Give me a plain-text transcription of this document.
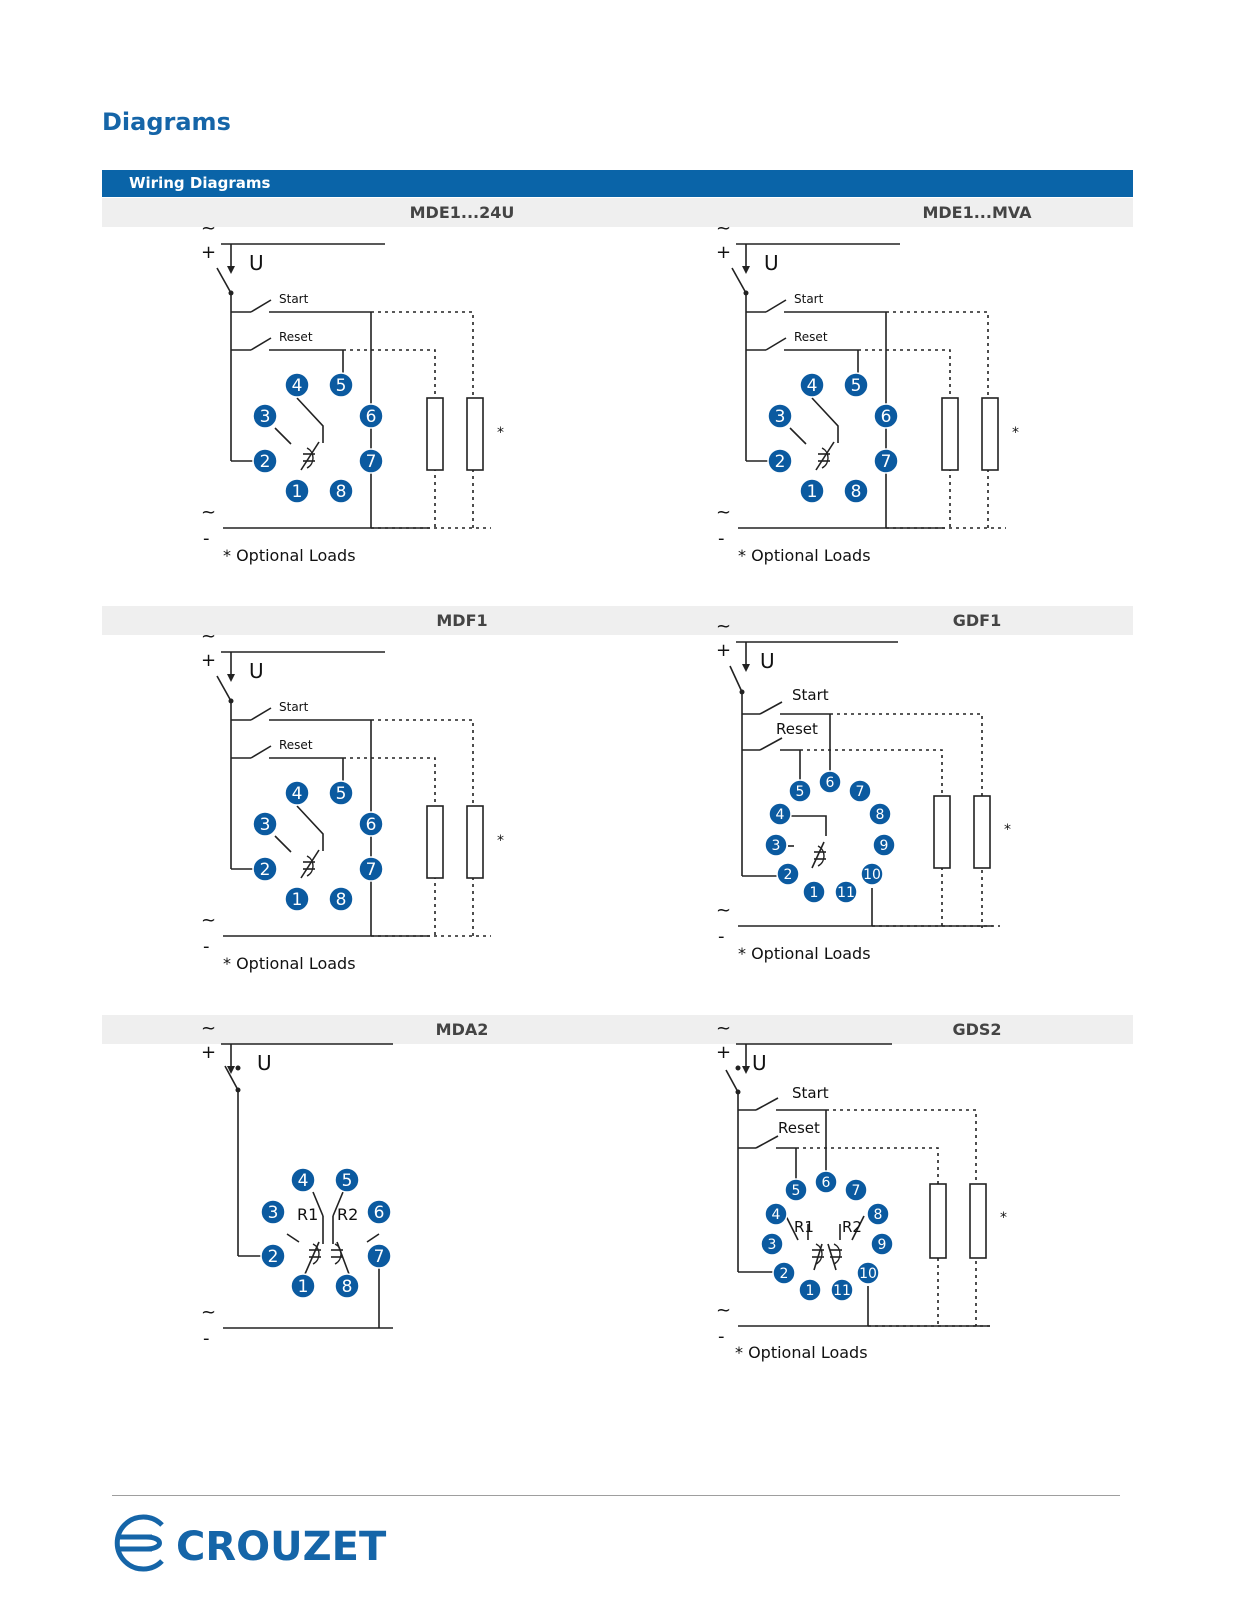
Diagrams
Wiring Diagrams
MDE1...24U	MDE1...MVA
MDF1	GDF1
MDA2	GDS2
~
+
~
-
U
Start
Reset
*
4 5
3	6
2	7
1 8
* Optional Loads
~
+
~
-
U
Start
Reset
*
4 5
3	6
2	7
1 8
* Optional Loads
~
+
~
-
U
Start
Reset
*
4 5
3	6
2	7
1 8
* Optional Loads
~
+
~
-
U
Start
Reset
*
5
6
7
4	8
3	9
2	10
1 11
* Optional Loads
~
+
~
-
U
R1 R2
4 5
3	6
2	7
1 8
~
+
~
-
U
Start
Reset
*
R1 R2
5 6 7
4	8
3	9
2	10
1 11
* Optional Loads
CROUZET
